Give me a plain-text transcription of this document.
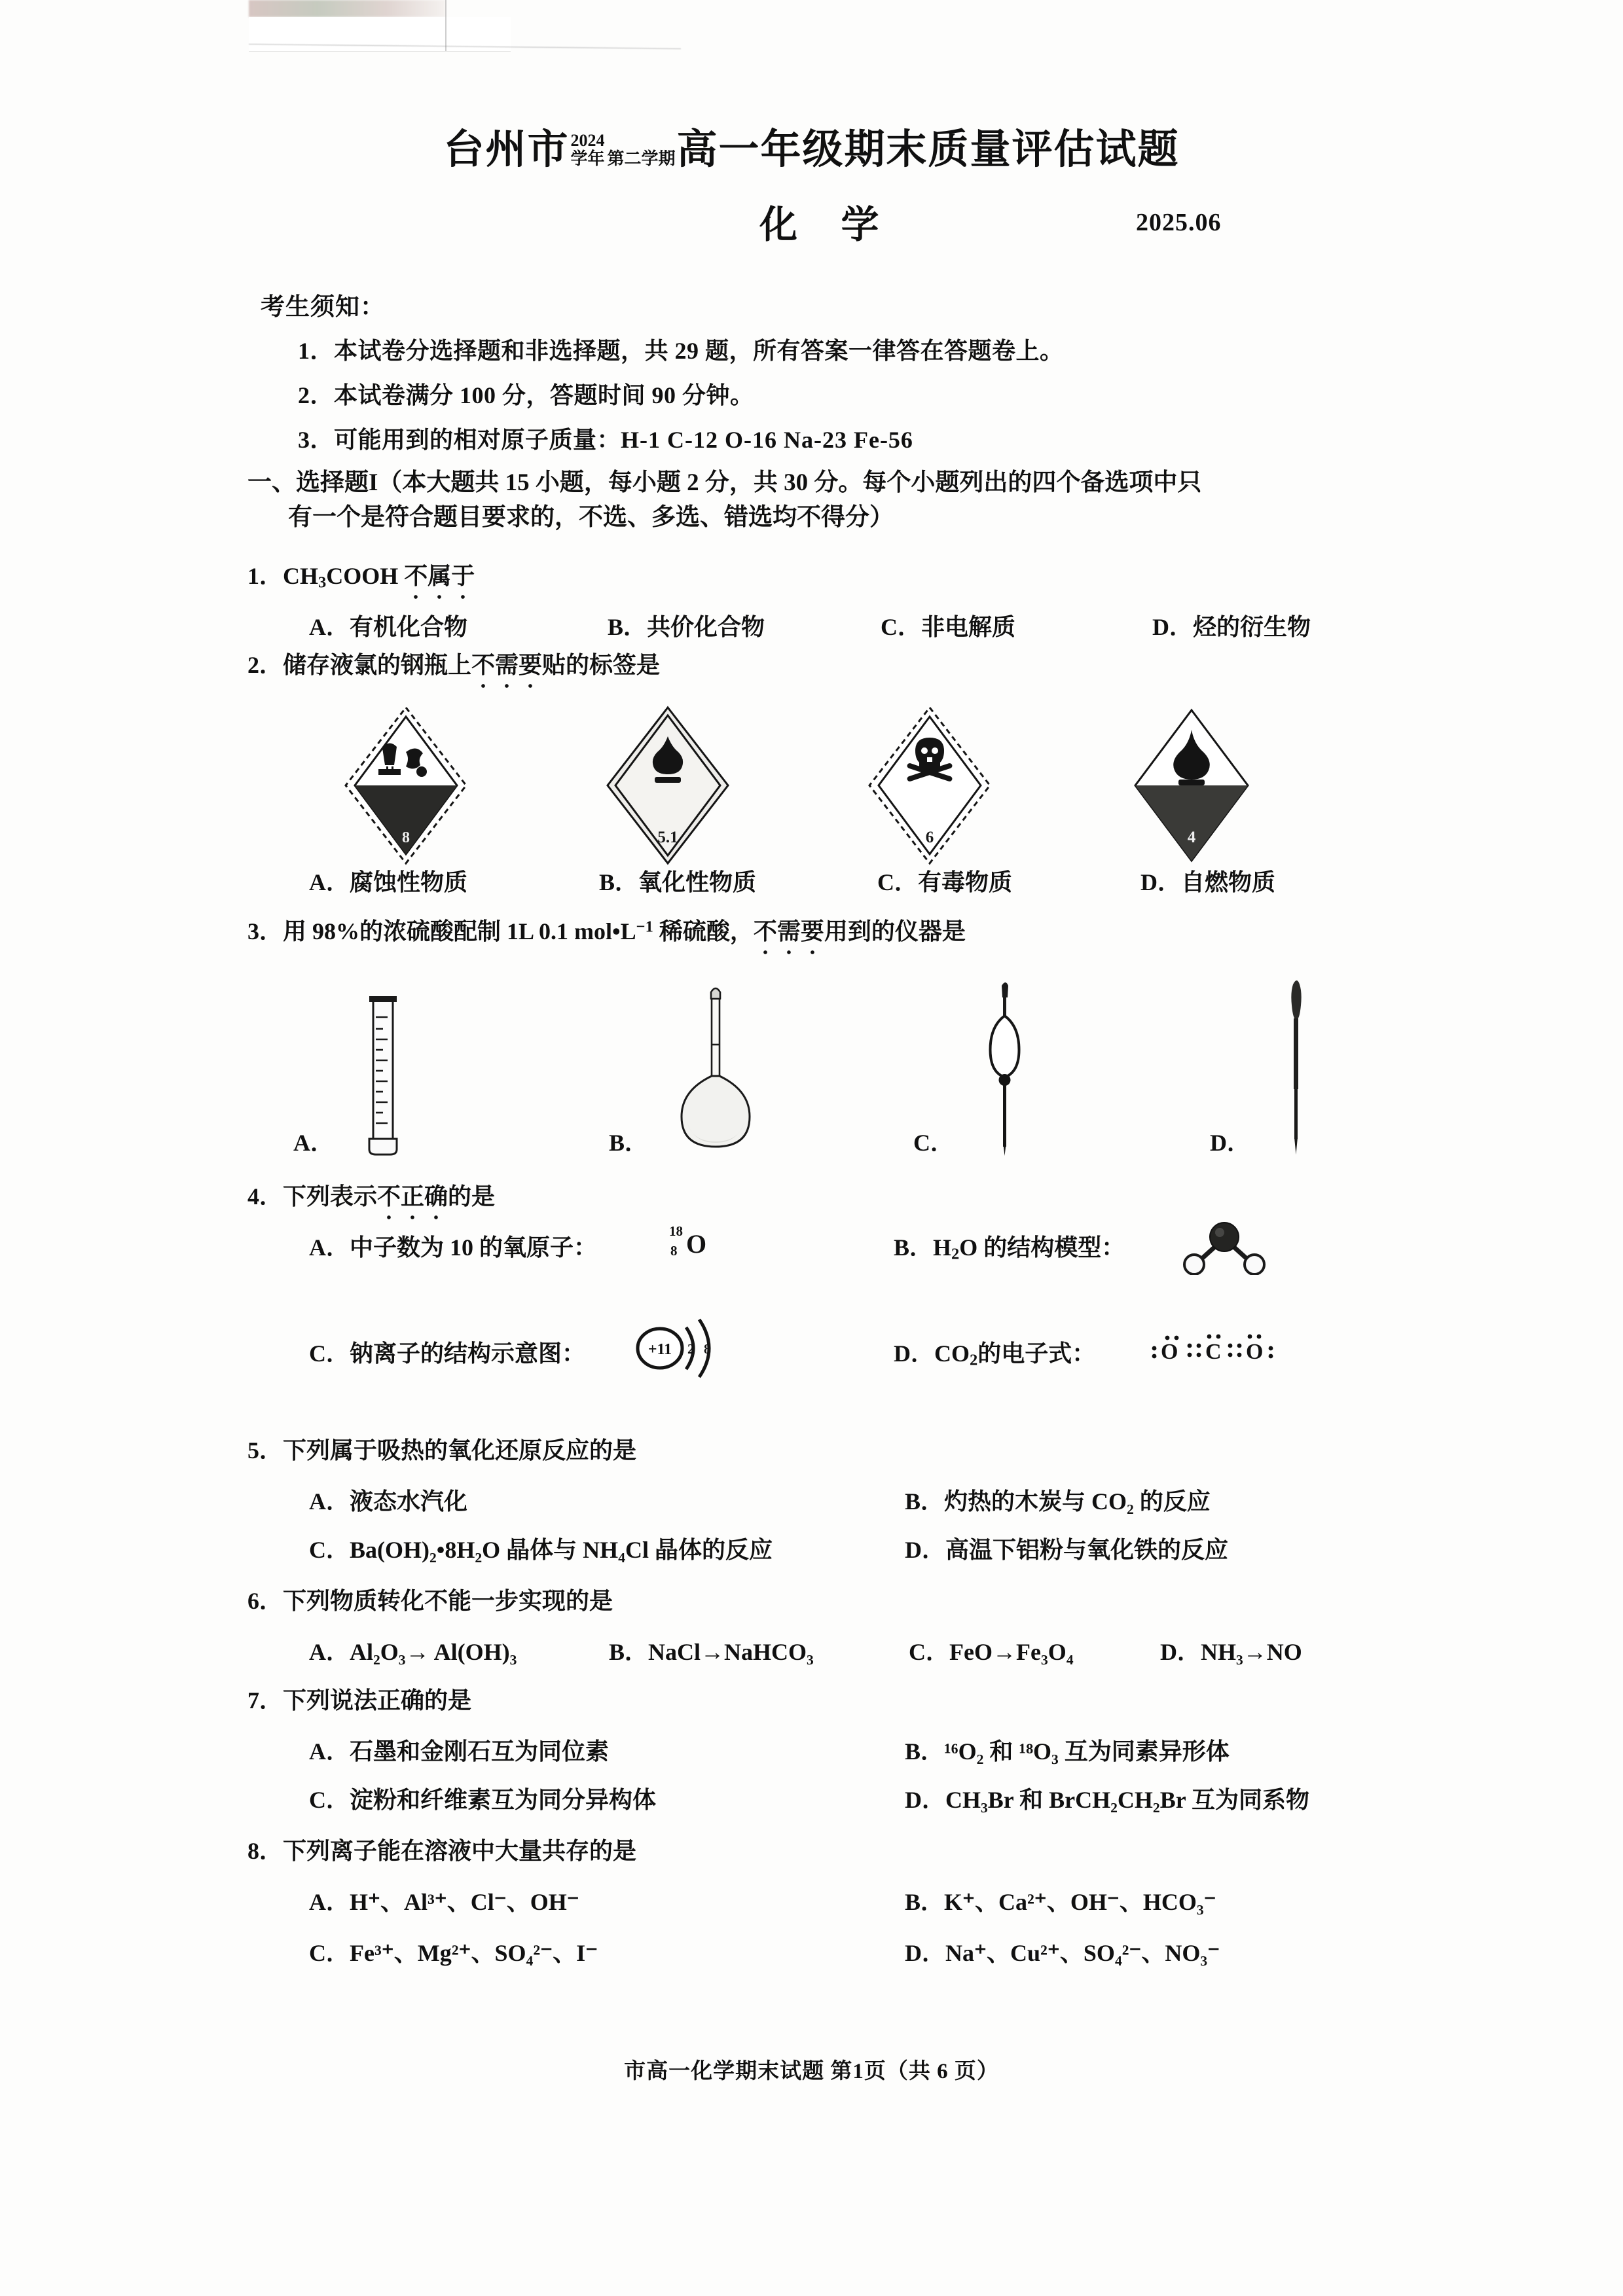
台州市 2024
学年 第二学期 高一年级期末质量评估试题
化 学	2025.06
考生须知：
1．本试卷分选择题和非选择题，共 29 题，所有答案一律答在答题卷上。
2．本试卷满分 100 分，答题时间 90 分钟。
3．可能用到的相对原子质量：H-1 C-12 O-16 Na-23 Fe-56
一、选择题I（本大题共 15 小题，每小题 2 分，共 30 分。每个小题列出的四个备选项中只
有一个是符合题目要求的，不选、多选、错选均不得分）
1．$CH_3COOH$ 不属于
A．有机化合物	B．共价化合物	C．非电解质	D．烃的衍生物
2．储存液氯的钢瓶上不需要贴的标签是
8	5.1	6	4
A．腐蚀性物质	B．氧化性物质	C．有毒物质	D．自燃物质
3．用 98%的浓硫酸配制 1L 0.1 $mol•L^{-1}$ 稀硫酸，不需要用到的仪器是
A．	B．	C．	D．
4．下列表示不正确的是
A．中子数为 10 的氧原子：
18
8 O	B．$H_2O$ 的结构模型：
C．钠离子的结构示意图：	+11 2 8	D．$CO_2$的电子式：	O C O
5．下列属于吸热的氧化还原反应的是
A．液态水汽化	B．灼热的木炭与 CO₂ 的反应
C．Ba(OH)₂•8H₂O 晶体与 NH₄Cl 晶体的反应	D．高温下铝粉与氧化铁的反应
6．下列物质转化不能一步实现的是
A．Al₂O₃→ Al(OH)₃	B．NaCl→NaHCO₃	C．FeO→Fe₃O₄	D．NH₃→NO
7．下列说法正确的是
A．石墨和金刚石互为同位素	B．¹⁶O₂ 和 ¹⁸O₃ 互为同素异形体
C．淀粉和纤维素互为同分异构体	D．CH₃Br 和 BrCH₂CH₂Br 互为同系物
8．下列离子能在溶液中大量共存的是
A．H⁺、Al³⁺、Cl⁻、OH⁻	B．K⁺、Ca²⁺、OH⁻、HCO₃⁻
C．Fe³⁺、Mg²⁺、SO₄²⁻、I⁻	D．Na⁺、Cu²⁺、SO₄²⁻、NO₃⁻
市高一化学期末试题 第1页（共 6 页）
